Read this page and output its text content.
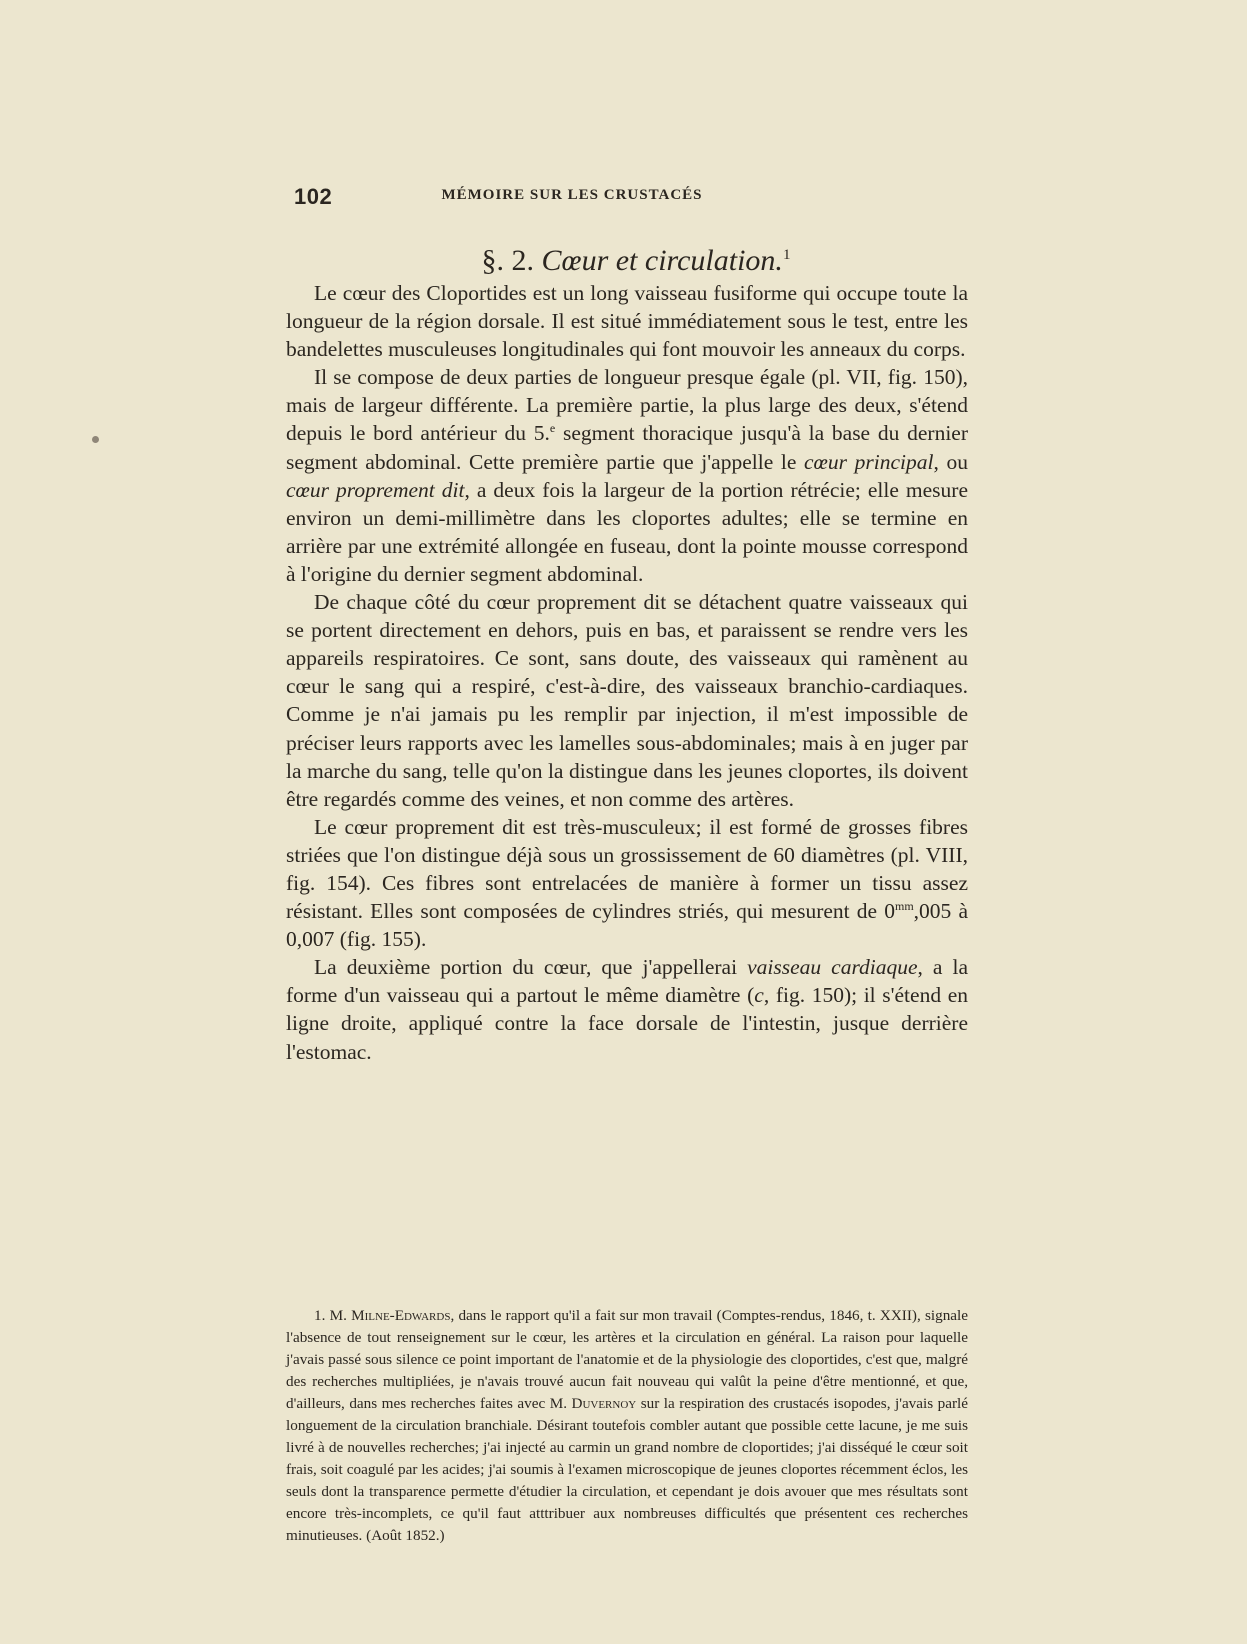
102	MÉMOIRE SUR LES CRUSTACÉS
§. 2. Cœur et circulation.$^1$

Le cœur des Cloportides est un long vaisseau fusiforme qui occupe toute la longueur de la région dorsale. Il est situé immédiatement sous le test, entre les bandelettes musculeuses longitudinales qui font mouvoir les anneaux du corps.

Il se compose de deux parties de longueur presque égale (pl. VII, fig. 150), mais de largeur différente. La première partie, la plus large des deux, s'étend depuis le bord antérieur du 5.$^e$ segment thoracique jusqu'à la base du dernier segment abdominal. Cette première partie que j'appelle le cœur principal, ou cœur proprement dit, a deux fois la largeur de la portion rétrécie; elle mesure environ un demi-millimètre dans les cloportes adultes; elle se termine en arrière par une extrémité allongée en fuseau, dont la pointe mousse correspond à l'origine du dernier segment abdominal.

De chaque côté du cœur proprement dit se détachent quatre vaisseaux qui se portent directement en dehors, puis en bas, et paraissent se rendre vers les appareils respiratoires. Ce sont, sans doute, des vaisseaux qui ramènent au cœur le sang qui a respiré, c'est-à-dire, des vaisseaux branchio-cardiaques. Comme je n'ai jamais pu les remplir par injection, il m'est impossible de préciser leurs rapports avec les lamelles sous-abdominales; mais à en juger par la marche du sang, telle qu'on la distingue dans les jeunes cloportes, ils doivent être regardés comme des veines, et non comme des artères.

Le cœur proprement dit est très-musculeux; il est formé de grosses fibres striées que l'on distingue déjà sous un grossissement de 60 diamètres (pl. VIII, fig. 154). Ces fibres sont entrelacées de manière à former un tissu assez résistant. Elles sont composées de cylindres striés, qui mesurent de $0^{mm},005$ à 0,007 (fig. 155).

La deuxième portion du cœur, que j'appellerai vaisseau cardiaque, a la forme d'un vaisseau qui a partout le même diamètre (c, fig. 150); il s'étend en ligne droite, appliqué contre la face dorsale de l'intestin, jusque derrière l'estomac.

1. M. Milne-Edwards, dans le rapport qu'il a fait sur mon travail (Comptes-rendus, 1846, t. XXII), signale l'absence de tout renseignement sur le cœur, les artères et la circulation en général. La raison pour laquelle j'avais passé sous silence ce point important de l'anatomie et de la physiologie des cloportides, c'est que, malgré des recherches multipliées, je n'avais trouvé aucun fait nouveau qui valût la peine d'être mentionné, et que, d'ailleurs, dans mes recherches faites avec M. Duvernoy sur la respiration des crustacés isopodes, j'avais parlé longuement de la circulation branchiale. Désirant toutefois combler autant que possible cette lacune, je me suis livré à de nouvelles recherches; j'ai injecté au carmin un grand nombre de cloportides; j'ai disséqué le cœur soit frais, soit coagulé par les acides; j'ai soumis à l'examen microscopique de jeunes cloportes récemment éclos, les seuls dont la transparence permette d'étudier la circulation, et cependant je dois avouer que mes résultats sont encore très-incomplets, ce qu'il faut atttribuer aux nombreuses difficultés que présentent ces recherches minutieuses. (Août 1852.)
